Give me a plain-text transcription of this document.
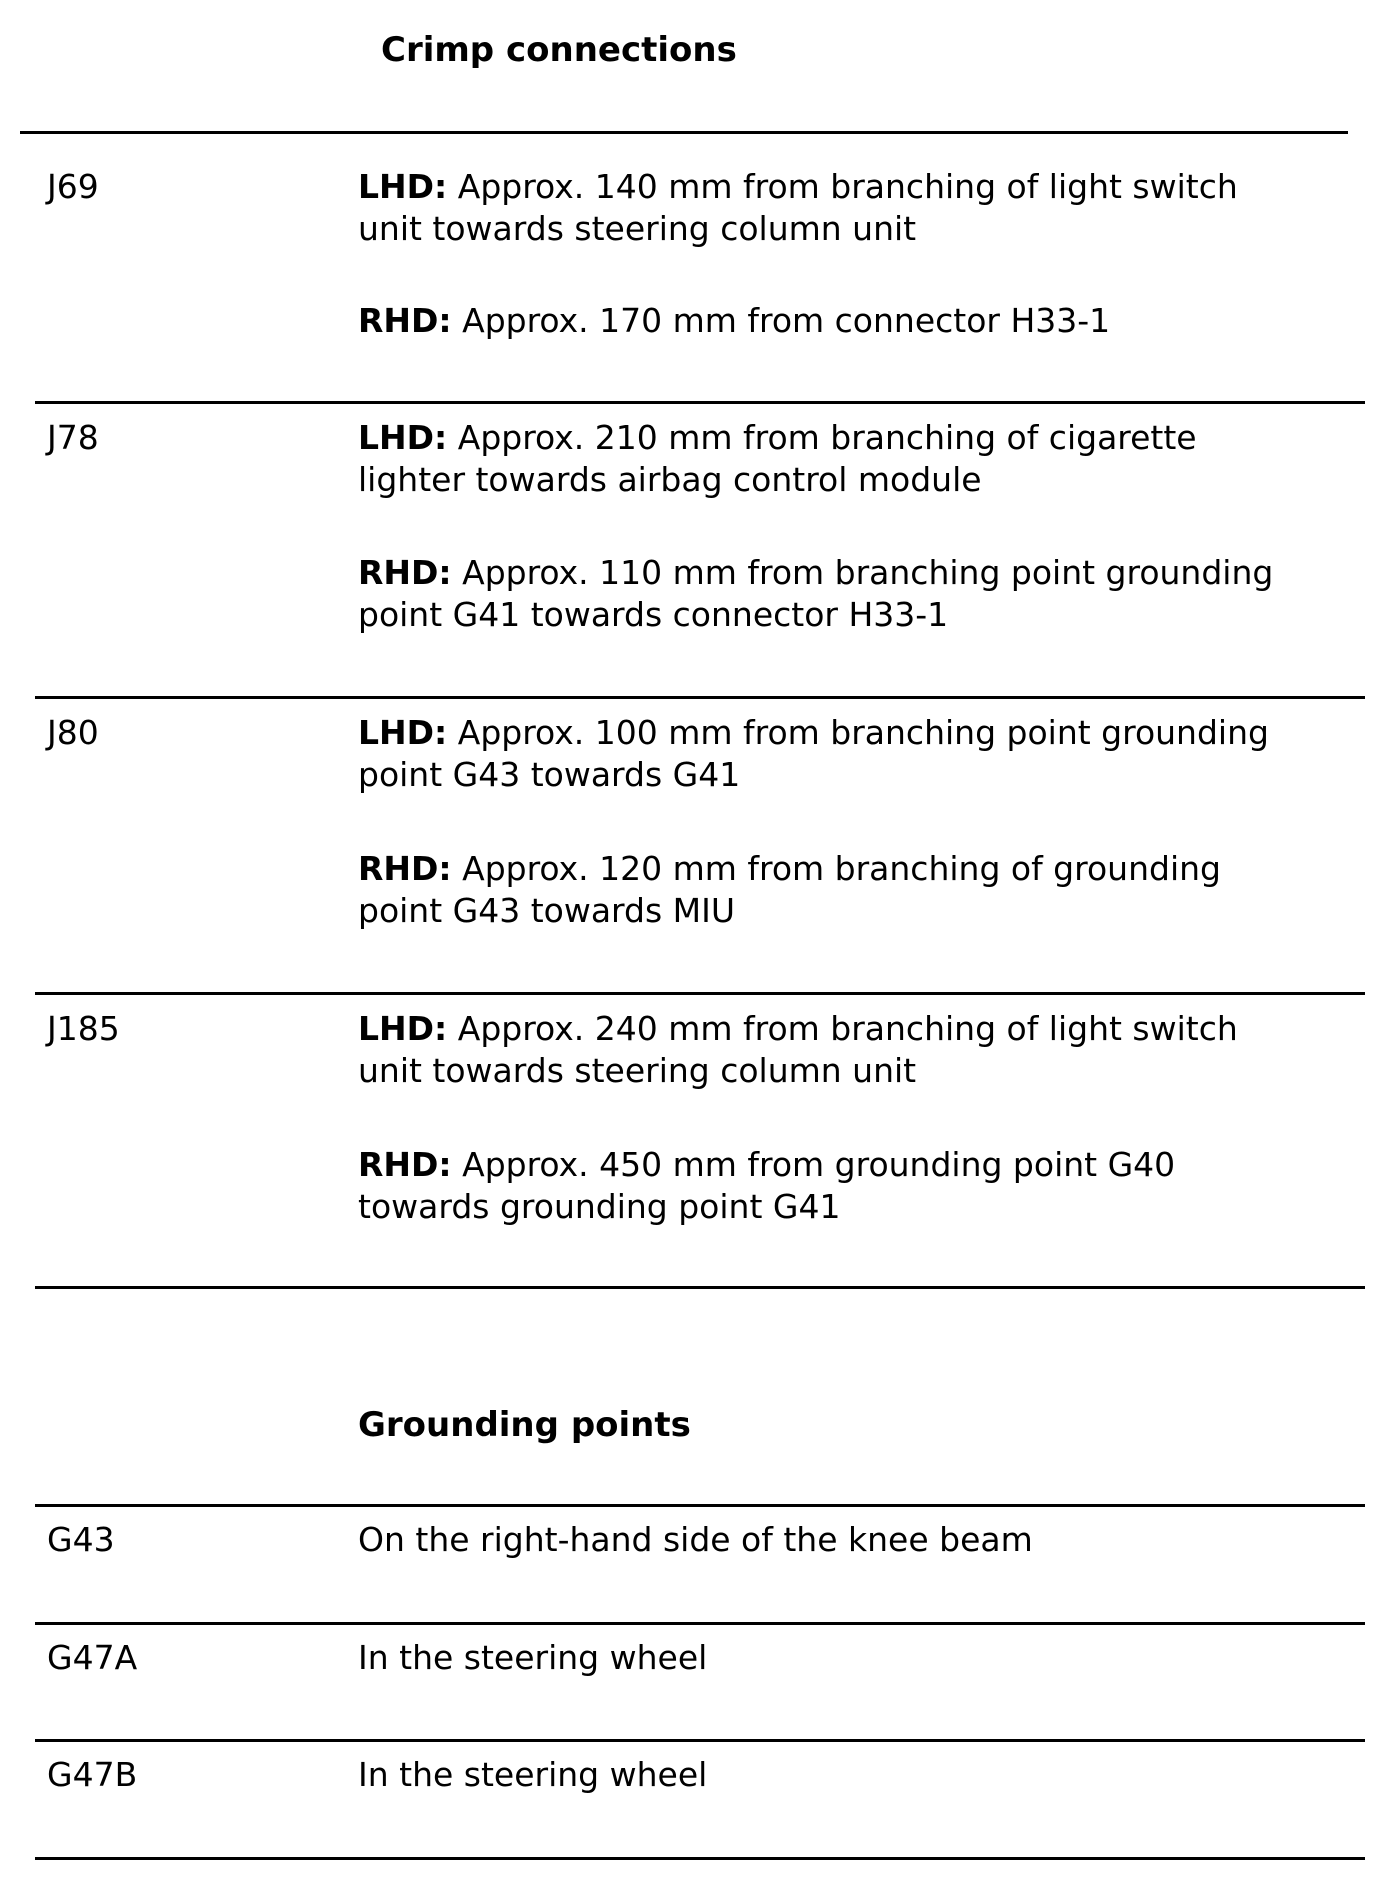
Crimp connections
J69	LHD: Approx. 140 mm from branching of light switch
unit towards steering column unit
RHD: Approx. 170 mm from connector H33-1
J78	LHD: Approx. 210 mm from branching of cigarette
lighter towards airbag control module
RHD: Approx. 110 mm from branching point grounding
point G41 towards connector H33-1
J80	LHD: Approx. 100 mm from branching point grounding
point G43 towards G41
RHD: Approx. 120 mm from branching of grounding
point G43 towards MIU
J185	LHD: Approx. 240 mm from branching of light switch
unit towards steering column unit
RHD: Approx. 450 mm from grounding point G40
towards grounding point G41
Grounding points
G43	On the right-hand side of the knee beam
G47A	In the steering wheel
G47B	In the steering wheel
